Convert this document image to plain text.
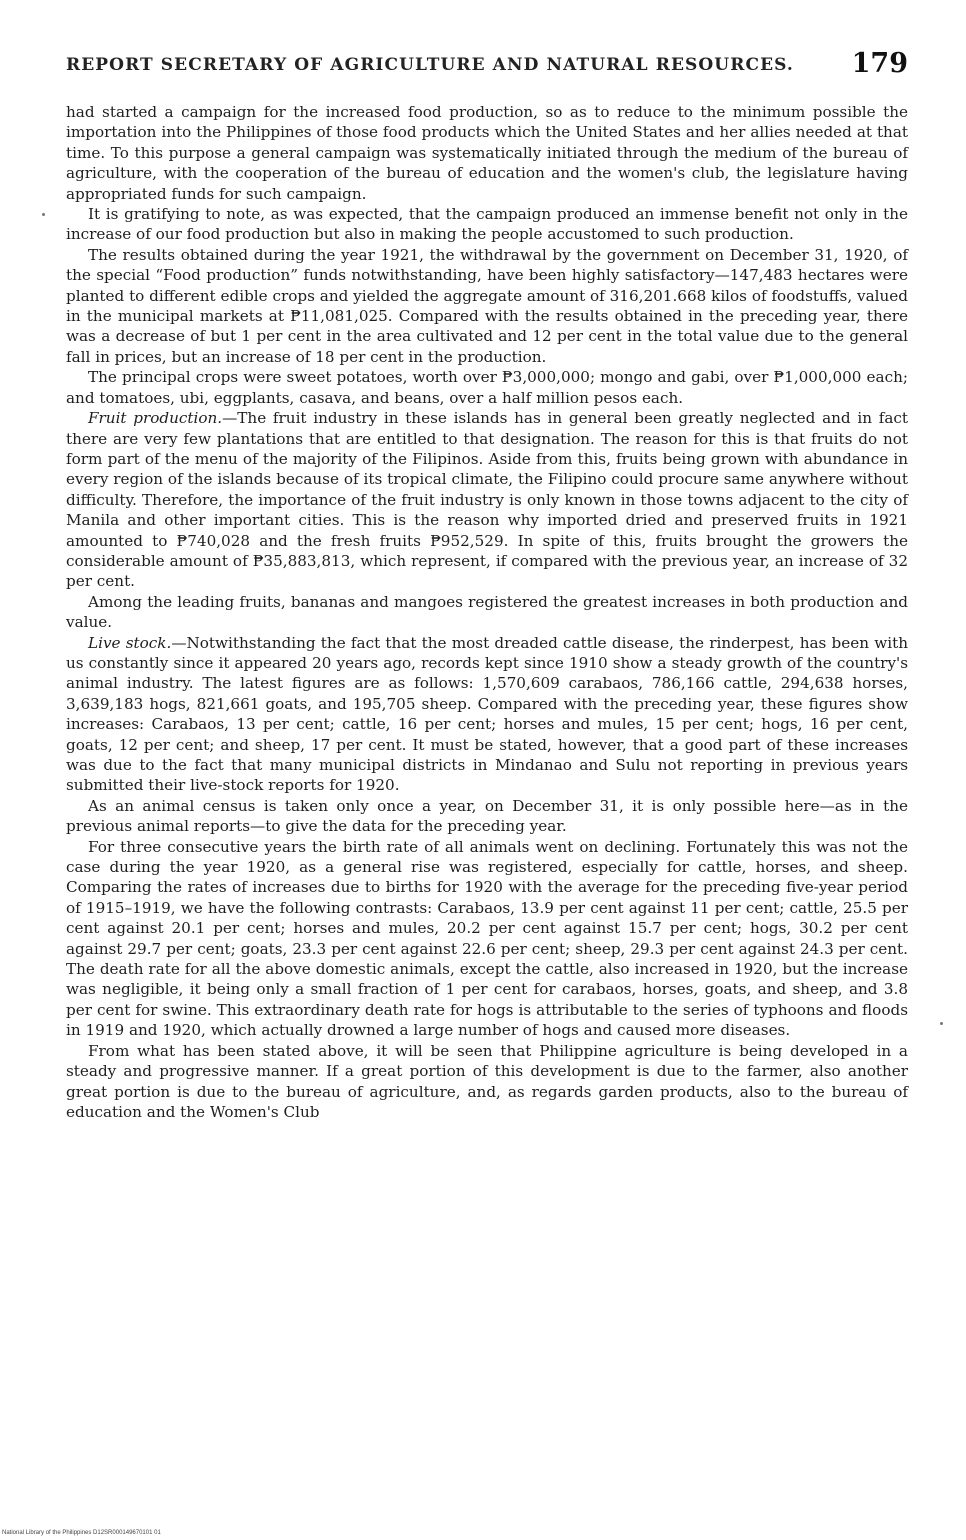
REPORT SECRETARY OF AGRICULTURE AND NATURAL RESOURCES. 179

had started a campaign for the increased food production, so as to reduce to the minimum possible the importation into the Philippines of those food products which the United States and her allies needed at that time. To this purpose a general campaign was systematically initiated through the medium of the bureau of agriculture, with the cooperation of the bureau of education and the women's club, the legislature having appropriated funds for such campaign.

It is gratifying to note, as was expected, that the campaign produced an immense benefit not only in the increase of our food production but also in making the people accustomed to such production.

The results obtained during the year 1921, the withdrawal by the government on December 31, 1920, of the special “Food production” funds notwithstanding, have been highly satisfactory—147,483 hectares were planted to different edible crops and yielded the aggregate amount of 316,201.668 kilos of foodstuffs, valued in the municipal markets at ₱11,081,025. Compared with the results obtained in the preceding year, there was a decrease of but 1 per cent in the area cultivated and 12 per cent in the total value due to the general fall in prices, but an increase of 18 per cent in the production.

The principal crops were sweet potatoes, worth over ₱3,000,000; mongo and gabi, over ₱1,000,000 each; and tomatoes, ubi, eggplants, casava, and beans, over a half million pesos each.

Fruit production.—The fruit industry in these islands has in general been greatly neglected and in fact there are very few plantations that are entitled to that designation. The reason for this is that fruits do not form part of the menu of the majority of the Filipinos. Aside from this, fruits being grown with abundance in every region of the islands because of its tropical climate, the Filipino could procure same anywhere without difficulty. Therefore, the importance of the fruit industry is only known in those towns adjacent to the city of Manila and other important cities. This is the reason why imported dried and preserved fruits in 1921 amounted to ₱740,028 and the fresh fruits ₱952,529. In spite of this, fruits brought the growers the considerable amount of ₱35,883,813, which represent, if compared with the previous year, an increase of 32 per cent.

Among the leading fruits, bananas and mangoes registered the greatest increases in both production and value.

Live stock.—Notwithstanding the fact that the most dreaded cattle disease, the rinderpest, has been with us constantly since it appeared 20 years ago, records kept since 1910 show a steady growth of the country's animal industry. The latest figures are as follows: 1,570,609 carabaos, 786,166 cattle, 294,638 horses, 3,639,183 hogs, 821,661 goats, and 195,705 sheep. Compared with the preceding year, these figures show increases: Carabaos, 13 per cent; cattle, 16 per cent; horses and mules, 15 per cent; hogs, 16 per cent, goats, 12 per cent; and sheep, 17 per cent. It must be stated, however, that a good part of these increases was due to the fact that many municipal districts in Mindanao and Sulu not reporting in previous years submitted their live-stock reports for 1920.

As an animal census is taken only once a year, on December 31, it is only possible here—as in the previous animal reports—to give the data for the preceding year.

For three consecutive years the birth rate of all animals went on declining. Fortunately this was not the case during the year 1920, as a general rise was registered, especially for cattle, horses, and sheep. Comparing the rates of increases due to births for 1920 with the average for the preceding five-year period of 1915–1919, we have the following contrasts: Carabaos, 13.9 per cent against 11 per cent; cattle, 25.5 per cent against 20.1 per cent; horses and mules, 20.2 per cent against 15.7 per cent; hogs, 30.2 per cent against 29.7 per cent; goats, 23.3 per cent against 22.6 per cent; sheep, 29.3 per cent against 24.3 per cent. The death rate for all the above domestic animals, except the cattle, also increased in 1920, but the increase was negligible, it being only a small fraction of 1 per cent for carabaos, horses, goats, and sheep, and 3.8 per cent for swine. This extraordinary death rate for hogs is attributable to the series of typhoons and floods in 1919 and 1920, which actually drowned a large number of hogs and caused more diseases.

From what has been stated above, it will be seen that Philippine agriculture is being developed in a steady and progressive manner. If a great portion of this development is due to the farmer, also another great portion is due to the bureau of agriculture, and, as regards garden products, also to the bureau of education and the Women's Club

National Library of the Philippines D12SR000149670101 01
